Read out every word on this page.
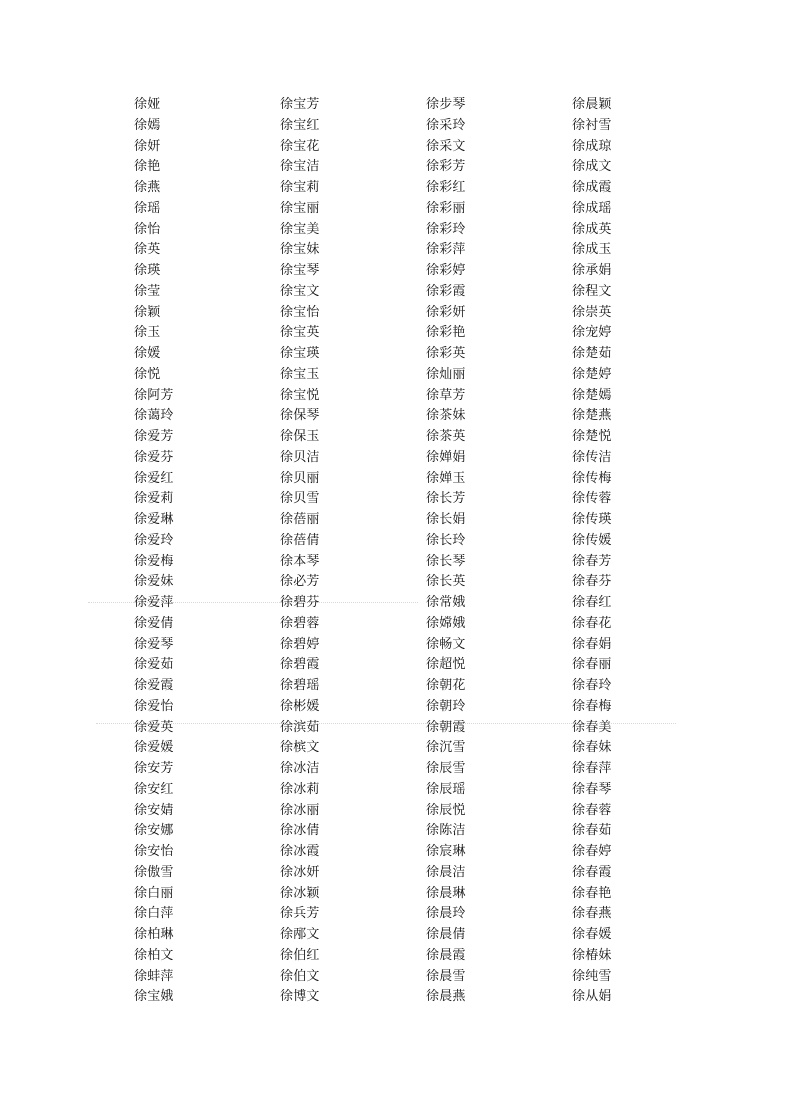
徐娅	徐宝芳	徐步琴	徐晨颖
徐嫣	徐宝红	徐采玲	徐衬雪
徐妍	徐宝花	徐采文	徐成琼
徐艳	徐宝洁	徐彩芳	徐成文
徐燕	徐宝莉	徐彩红	徐成霞
徐瑶	徐宝丽	徐彩丽	徐成瑶
徐怡	徐宝美	徐彩玲	徐成英
徐英	徐宝妹	徐彩萍	徐成玉
徐瑛	徐宝琴	徐彩婷	徐承娟
徐莹	徐宝文	徐彩霞	徐程文
徐颖	徐宝怡	徐彩妍	徐崇英
徐玉	徐宝英	徐彩艳	徐宠婷
徐媛	徐宝瑛	徐彩英	徐楚茹
徐悦	徐宝玉	徐灿丽	徐楚婷
徐阿芳	徐宝悦	徐草芳	徐楚嫣
徐蔼玲	徐保琴	徐茶妹	徐楚燕
徐爱芳	徐保玉	徐茶英	徐楚悦
徐爱芬	徐贝洁	徐婵娟	徐传洁
徐爱红	徐贝丽	徐婵玉	徐传梅
徐爱莉	徐贝雪	徐长芳	徐传蓉
徐爱琳	徐蓓丽	徐长娟	徐传瑛
徐爱玲	徐蓓倩	徐长玲	徐传媛
徐爱梅	徐本琴	徐长琴	徐春芳
徐爱妹	徐必芳	徐长英	徐春芬
徐爱萍	徐碧芬	徐常娥	徐春红
徐爱倩	徐碧蓉	徐嫦娥	徐春花
徐爱琴	徐碧婷	徐畅文	徐春娟
徐爱茹	徐碧霞	徐超悦	徐春丽
徐爱霞	徐碧瑶	徐朝花	徐春玲
徐爱怡	徐彬媛	徐朝玲	徐春梅
徐爱英	徐滨茹	徐朝霞	徐春美
徐爱媛	徐槟文	徐沉雪	徐春妹
徐安芳	徐冰洁	徐辰雪	徐春萍
徐安红	徐冰莉	徐辰瑶	徐春琴
徐安婧	徐冰丽	徐辰悦	徐春蓉
徐安娜	徐冰倩	徐陈洁	徐春茹
徐安怡	徐冰霞	徐宸琳	徐春婷
徐傲雪	徐冰妍	徐晨洁	徐春霞
徐白丽	徐冰颖	徐晨琳	徐春艳
徐白萍	徐兵芳	徐晨玲	徐春燕
徐柏琳	徐邴文	徐晨倩	徐春媛
徐柏文	徐伯红	徐晨霞	徐椿妹
徐蚌萍	徐伯文	徐晨雪	徐纯雪
徐宝娥	徐博文	徐晨燕	徐从娟
